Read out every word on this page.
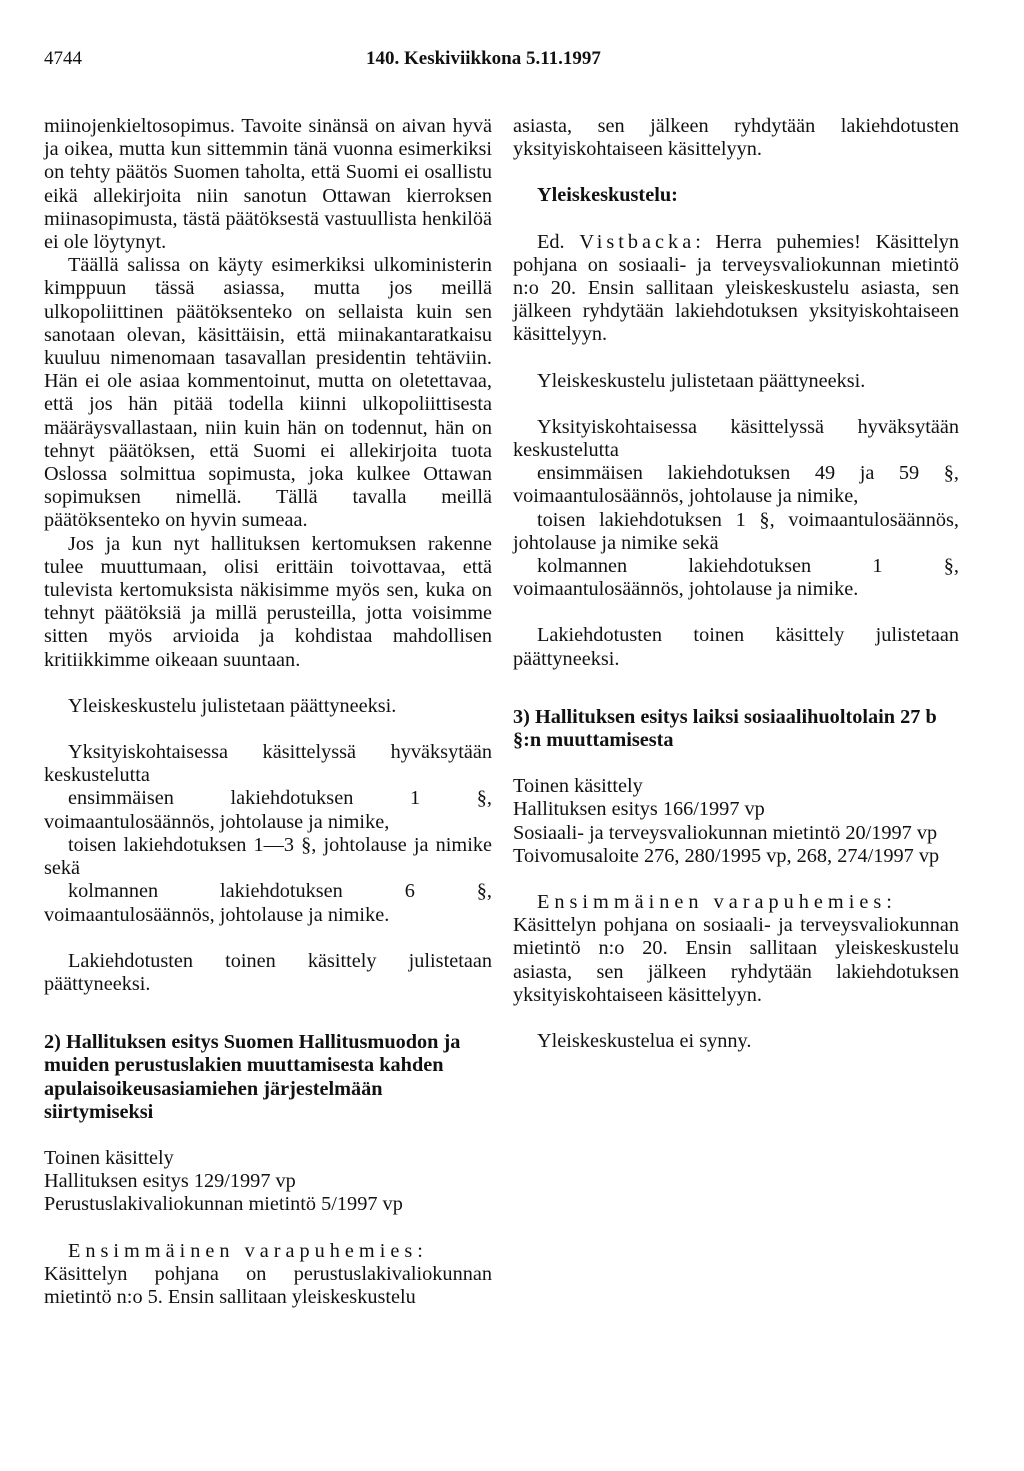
4744	140. Keskiviikkona 5.11.1997

miinojenkieltosopimus. Tavoite sinänsä on aivan hyvä ja oikea, mutta kun sittemmin tänä vuonna esimerkiksi on tehty päätös Suomen taholta, että Suomi ei osallistu eikä allekirjoita niin sanotun Ottawan kierroksen miinasopimusta, tästä päätöksestä vastuullista henkilöä ei ole löytynyt.

Täällä salissa on käyty esimerkiksi ulkoministerin kimppuun tässä asiassa, mutta jos meillä ulkopoliittinen päätöksenteko on sellaista kuin sen sanotaan olevan, käsittäisin, että miinakantaratkaisu kuuluu nimenomaan tasavallan presidentin tehtäviin. Hän ei ole asiaa kommentoinut, mutta on oletettavaa, että jos hän pitää todella kiinni ulkopoliittisesta määräysvallastaan, niin kuin hän on todennut, hän on tehnyt päätöksen, että Suomi ei allekirjoita tuota Oslossa solmittua sopimusta, joka kulkee Ottawan sopimuksen nimellä. Tällä tavalla meillä päätöksenteko on hyvin sumeaa.

Jos ja kun nyt hallituksen kertomuksen rakenne tulee muuttumaan, olisi erittäin toivottavaa, että tulevista kertomuksista näkisimme myös sen, kuka on tehnyt päätöksiä ja millä perusteilla, jotta voisimme sitten myös arvioida ja kohdistaa mahdollisen kritiikkimme oikeaan suuntaan.

Yleiskeskustelu julistetaan päättyneeksi.

Yksityiskohtaisessa käsittelyssä hyväksytään keskustelutta

ensimmäisen lakiehdotuksen 1 §, voimaantulosäännös, johtolause ja nimike,

toisen lakiehdotuksen 1—3 §, johtolause ja nimike sekä

kolmannen lakiehdotuksen 6 §, voimaantulosäännös, johtolause ja nimike.

Lakiehdotusten toinen käsittely julistetaan päättyneeksi.

2) Hallituksen esitys Suomen Hallitusmuodon ja muiden perustuslakien muuttamisesta kahden apulaisoikeusasiamiehen järjestelmään siirtymiseksi

Toinen käsittely

Hallituksen esitys 129/1997 vp

Perustuslakivaliokunnan mietintö 5/1997 vp

Ensimmäinen varapuhemies:

Käsittelyn pohjana on perustuslakivaliokunnan mietintö n:o 5. Ensin sallitaan yleiskeskustelu

asiasta, sen jälkeen ryhdytään lakiehdotusten yksityiskohtaiseen käsittelyyn.

Yleiskeskustelu:

Ed. Vistbacka: Herra puhemies! Käsittelyn pohjana on sosiaali- ja terveysvaliokunnan mietintö n:o 20. Ensin sallitaan yleiskeskustelu asiasta, sen jälkeen ryhdytään lakiehdotuksen yksityiskohtaiseen käsittelyyn.

Yleiskeskustelu julistetaan päättyneeksi.

Yksityiskohtaisessa käsittelyssä hyväksytään keskustelutta

ensimmäisen lakiehdotuksen 49 ja 59 §, voimaantulosäännös, johtolause ja nimike,

toisen lakiehdotuksen 1 §, voimaantulosäännös, johtolause ja nimike sekä

kolmannen lakiehdotuksen 1 §, voimaantulosäännös, johtolause ja nimike.

Lakiehdotusten toinen käsittely julistetaan päättyneeksi.

3) Hallituksen esitys laiksi sosiaalihuoltolain 27 b §:n muuttamisesta

Toinen käsittely

Hallituksen esitys 166/1997 vp

Sosiaali- ja terveysvaliokunnan mietintö 20/1997 vp

Toivomusaloite 276, 280/1995 vp, 268, 274/1997 vp

Ensimmäinen varapuhemies:

Käsittelyn pohjana on sosiaali- ja terveysvaliokunnan mietintö n:o 20. Ensin sallitaan yleiskeskustelu asiasta, sen jälkeen ryhdytään lakiehdotuksen yksityiskohtaiseen käsittelyyn.

Yleiskeskustelua ei synny.
